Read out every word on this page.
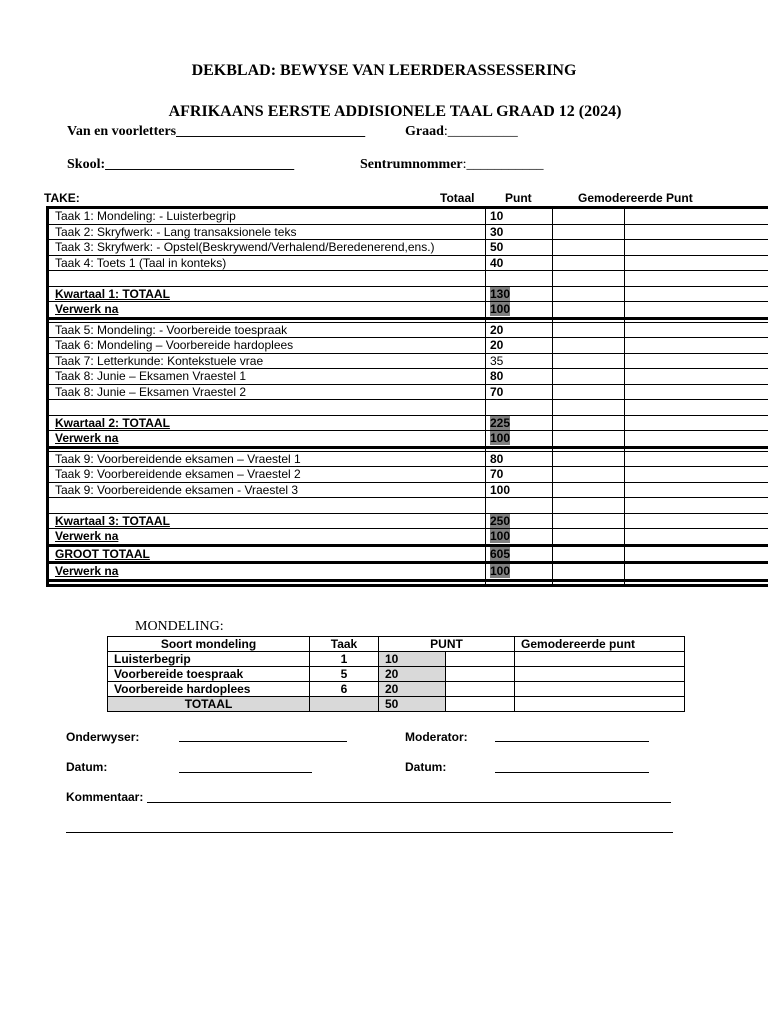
DEKBLAD: BEWYSE VAN LEERDERASSESSERING
AFRIKAANS EERSTE ADDISIONELE TAAL GRAAD 12 (2024)
Van en voorletters___________________________	Graad:__________
Skool:___________________________	Sentrumnommer:___________
TAKE:	Totaal	Punt	Gemodereerde Punt
Taak 1: Mondeling: - Luisterbegrip	10		
Taak 2: Skryfwerk: - Lang transaksionele teks	30		
Taak 3: Skryfwerk: - Opstel(Beskrywend/Verhalend/Beredenerend,ens.)	50		
Taak 4: Toets 1 (Taal in konteks)	40		

Kwartaal 1: TOTAAL	130		
Verwerk na	100		

Taak 5: Mondeling: - Voorbereide toespraak	20		
Taak 6: Mondeling – Voorbereide hardoplees	20		
Taak 7: Letterkunde: Kontekstuele vrae	35		
Taak 8: Junie – Eksamen Vraestel 1	80		
Taak 8: Junie – Eksamen Vraestel 2	70		

Kwartaal 2: TOTAAL	225		
Verwerk na	100		

Taak 9: Voorbereidende eksamen – Vraestel 1	80		
Taak 9: Voorbereidende eksamen – Vraestel 2	70		
Taak 9: Voorbereidende eksamen - Vraestel 3	100		

Kwartaal 3: TOTAAL	250		
Verwerk na	100		
GROOT TOTAAL	605		
Verwerk na	100		

MONDELING:
Soort mondeling	Taak	PUNT		Gemodereerde punt
Luisterbegrip	1	10		
Voorbereide toespraak	5	20		
Voorbereide hardoplees	6	20		
TOTAAL		50		
Onderwyser:	Moderator:
Datum:	Datum:
Kommentaar:
